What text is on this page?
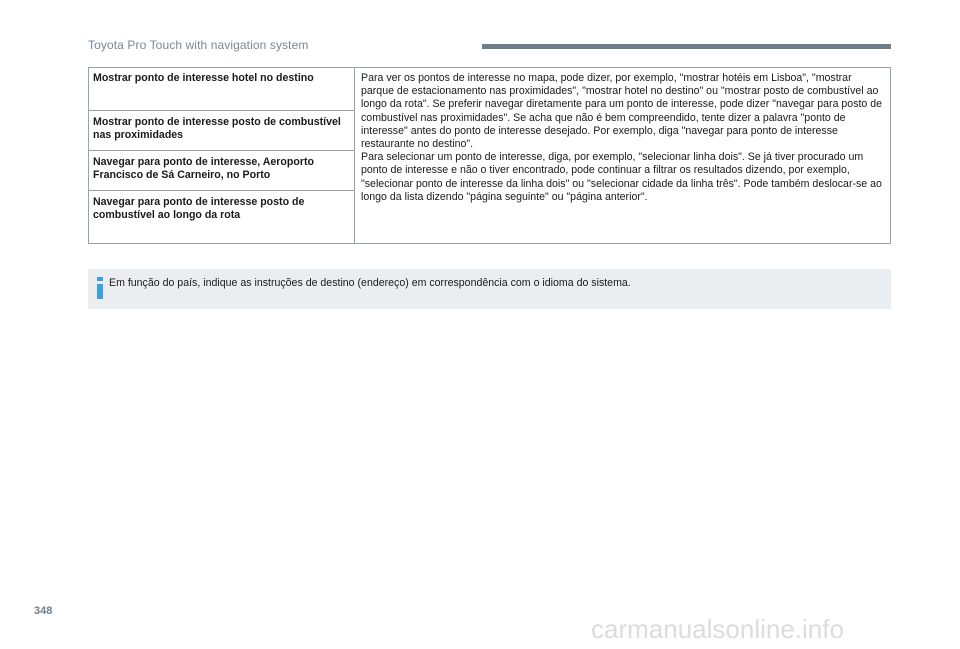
Toyota Pro Touch with navigation system
Mostrar ponto de interesse hotel no destino
Mostrar ponto de interesse posto de combustível nas proximidades
Navegar para ponto de interesse, Aeroporto Francisco de Sá Carneiro, no Porto
Navegar para ponto de interesse posto de combustível ao longo da rota

Para ver os pontos de interesse no mapa, pode dizer, por exemplo, "mostrar hotéis em Lisboa", "mostrar parque de estacionamento nas proximidades", "mostrar hotel no destino" ou "mostrar posto de combustível ao longo da rota". Se preferir navegar diretamente para um ponto de interesse, pode dizer "navegar para posto de combustível nas proximidades". Se acha que não é bem compreendido, tente dizer a palavra "ponto de interesse" antes do ponto de interesse desejado. Por exemplo, diga "navegar para ponto de interesse restaurante no destino".

Para selecionar um ponto de interesse, diga, por exemplo, "selecionar linha dois". Se já tiver procurado um ponto de interesse e não o tiver encontrado, pode continuar a filtrar os resultados dizendo, por exemplo, "selecionar ponto de interesse da linha dois" ou "selecionar cidade da linha três". Pode também deslocar-se ao longo da lista dizendo "página seguinte" ou "página anterior".

Em função do país, indique as instruções de destino (endereço) em correspondência com o idioma do sistema.
348
carmanualsonline.info
